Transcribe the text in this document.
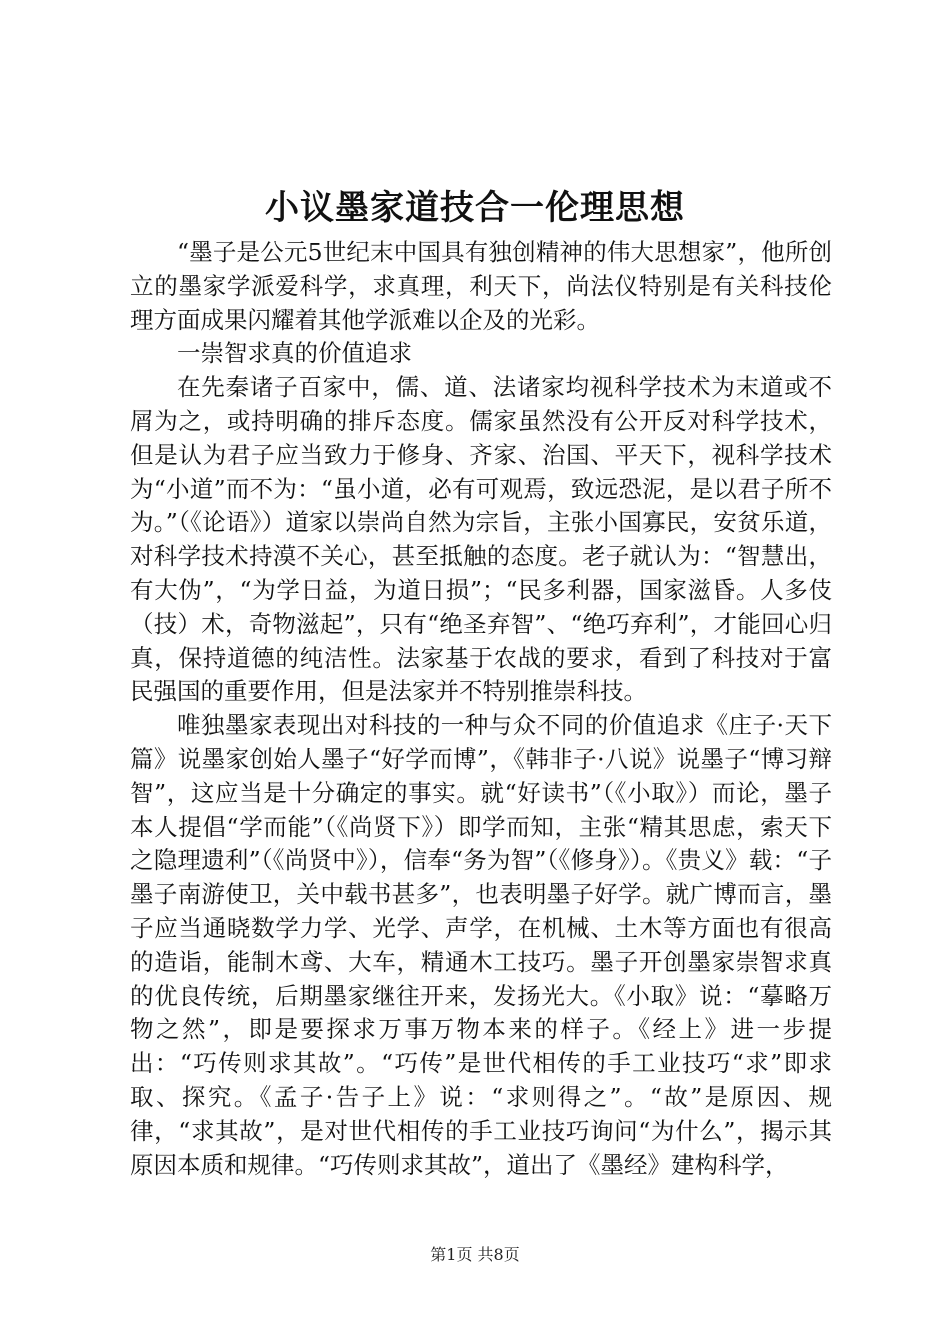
小议墨家道技合一伦理思想

“墨子是公元5世纪末中国具有独创精神的伟大思想家”，他所创立的墨家学派爱科学，求真理，利天下，尚法仪特别是有关科技伦理方面成果闪耀着其他学派难以企及的光彩。

一崇智求真的价值追求

在先秦诸子百家中，儒、道、法诸家均视科学技术为末道或不屑为之，或持明确的排斥态度。儒家虽然没有公开反对科学技术，但是认为君子应当致力于修身、齐家、治国、平天下，视科学技术为“小道”而不为：“虽小道，必有可观焉，致远恐泥，是以君子所不为。”（《论语》）道家以崇尚自然为宗旨，主张小国寡民，安贫乐道，对科学技术持漠不关心，甚至抵触的态度。老子就认为：“智慧出，有大伪”，“为学日益，为道日损”；“民多利器，国家滋昏。人多伎（技）术，奇物滋起”，只有“绝圣弃智”、“绝巧弃利”，才能回心归真，保持道德的纯洁性。法家基于农战的要求，看到了科技对于富民强国的重要作用，但是法家并不特别推崇科技。

唯独墨家表现出对科技的一种与众不同的价值追求《庄子·天下篇》说墨家创始人墨子“好学而博”，《韩非子·八说》说墨子“博习辩智”，这应当是十分确定的事实。就“好读书”（《小取》）而论，墨子本人提倡“学而能”（《尚贤下》）即学而知，主张“精其思虑，索天下之隐理遗利”（《尚贤中》），信奉“务为智”（《修身》）。《贵义》载：“子墨子南游使卫，关中载书甚多”，也表明墨子好学。就广博而言，墨子应当通晓数学力学、光学、声学，在机械、土木等方面也有很高的造诣，能制木鸢、大车，精通木工技巧。墨子开创墨家崇智求真的优良传统，后期墨家继往开来，发扬光大。《小取》说：“摹略万物之然”，即是要探求万事万物本来的样子。《经上》进一步提出：“巧传则求其故”。“巧传”是世代相传的手工业技巧“求”即求取、探究。《孟子·告子上》说：“求则得之”。“故”是原因、规律，“求其故”，是对世代相传的手工业技巧询问“为什么”，揭示其原因本质和规律。“巧传则求其故”，道出了《墨经》建构科学，

第1页 共8页
